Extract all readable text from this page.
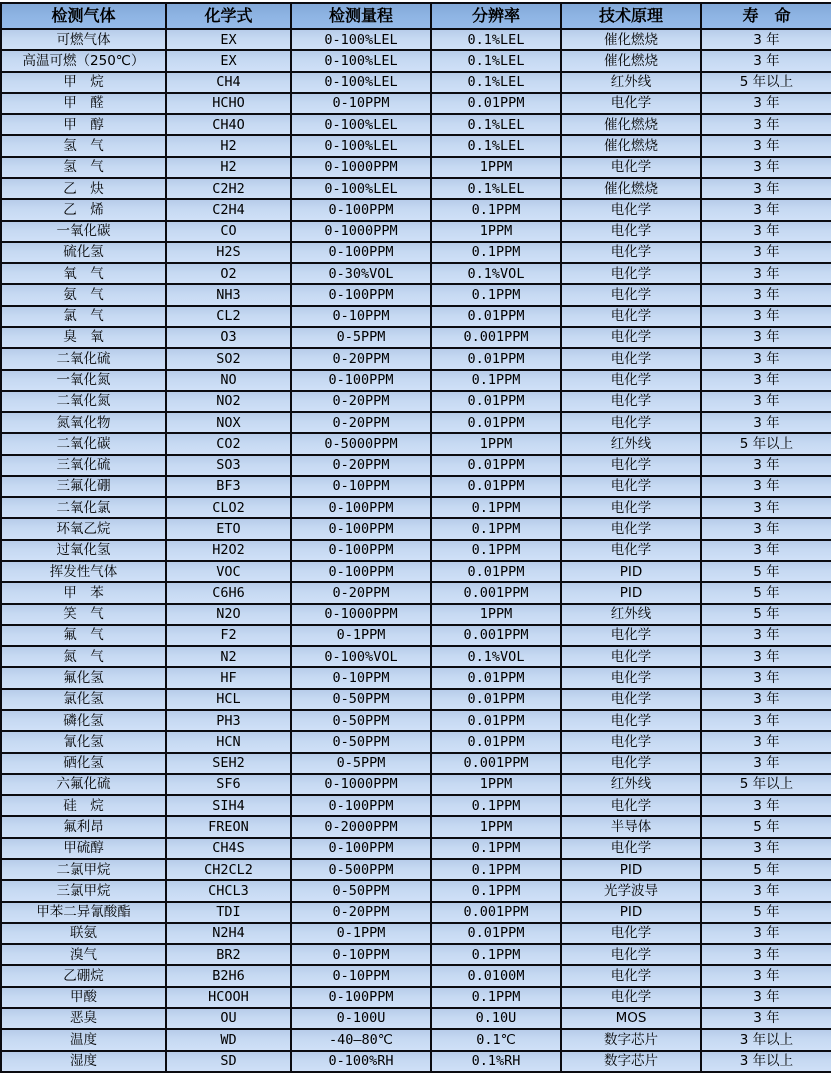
检测气体	化学式	检测量程	分辨率	技术原理	寿　命
可燃气体	EX	0-100%LEL	0.1%LEL	催化燃烧	3 年
高温可燃（250℃）	EX	0-100%LEL	0.1%LEL	催化燃烧	3 年
甲　烷	CH4	0-100%LEL	0.1%LEL	红外线	5 年以上
甲　醛	HCHO	0-10PPM	0.01PPM	电化学	3 年
甲　醇	CH4O	0-100%LEL	0.1%LEL	催化燃烧	3 年
氢　气	H2	0-100%LEL	0.1%LEL	催化燃烧	3 年
氢　气	H2	0-1000PPM	1PPM	电化学	3 年
乙　炔	C2H2	0-100%LEL	0.1%LEL	催化燃烧	3 年
乙　烯	C2H4	0-100PPM	0.1PPM	电化学	3 年
一氧化碳	CO	0-1000PPM	1PPM	电化学	3 年
硫化氢	H2S	0-100PPM	0.1PPM	电化学	3 年
氧　气	O2	0-30%VOL	0.1%VOL	电化学	3 年
氨　气	NH3	0-100PPM	0.1PPM	电化学	3 年
氯　气	CL2	0-10PPM	0.01PPM	电化学	3 年
臭　氧	O3	0-5PPM	0.001PPM	电化学	3 年
二氧化硫	SO2	0-20PPM	0.01PPM	电化学	3 年
一氧化氮	NO	0-100PPM	0.1PPM	电化学	3 年
二氧化氮	NO2	0-20PPM	0.01PPM	电化学	3 年
氮氧化物	NOX	0-20PPM	0.01PPM	电化学	3 年
二氧化碳	CO2	0-5000PPM	1PPM	红外线	5 年以上
三氧化硫	SO3	0-20PPM	0.01PPM	电化学	3 年
三氟化硼	BF3	0-10PPM	0.01PPM	电化学	3 年
二氧化氯	CLO2	0-100PPM	0.1PPM	电化学	3 年
环氧乙烷	ETO	0-100PPM	0.1PPM	电化学	3 年
过氧化氢	H2O2	0-100PPM	0.1PPM	电化学	3 年
挥发性气体	VOC	0-100PPM	0.01PPM	PID	5 年
甲　苯	C6H6	0-20PPM	0.001PPM	PID	5 年
笑　气	N2O	0-1000PPM	1PPM	红外线	5 年
氟　气	F2	0-1PPM	0.001PPM	电化学	3 年
氮　气	N2	0-100%VOL	0.1%VOL	电化学	3 年
氟化氢	HF	0-10PPM	0.01PPM	电化学	3 年
氯化氢	HCL	0-50PPM	0.01PPM	电化学	3 年
磷化氢	PH3	0-50PPM	0.01PPM	电化学	3 年
氰化氢	HCN	0-50PPM	0.01PPM	电化学	3 年
硒化氢	SEH2	0-5PPM	0.001PPM	电化学	3 年
六氟化硫	SF6	0-1000PPM	1PPM	红外线	5 年以上
硅　烷	SIH4	0-100PPM	0.1PPM	电化学	3 年
氟利昂	FREON	0-2000PPM	1PPM	半导体	5 年
甲硫醇	CH4S	0-100PPM	0.1PPM	电化学	3 年
二氯甲烷	CH2CL2	0-500PPM	0.1PPM	PID	5 年
三氯甲烷	CHCL3	0-50PPM	0.1PPM	光学波导	3 年
甲苯二异氰酸酯	TDI	0-20PPM	0.001PPM	PID	5 年
联氨	N2H4	0-1PPM	0.01PPM	电化学	3 年
溴气	BR2	0-10PPM	0.1PPM	电化学	3 年
乙硼烷	B2H6	0-10PPM	0.0100M	电化学	3 年
甲酸	HCOOH	0-100PPM	0.1PPM	电化学	3 年
恶臭	OU	0-100U	0.10U	MOS	3 年
温度	WD	-40—80℃	0.1℃	数字芯片	3 年以上
湿度	SD	0-100%RH	0.1%RH	数字芯片	3 年以上
